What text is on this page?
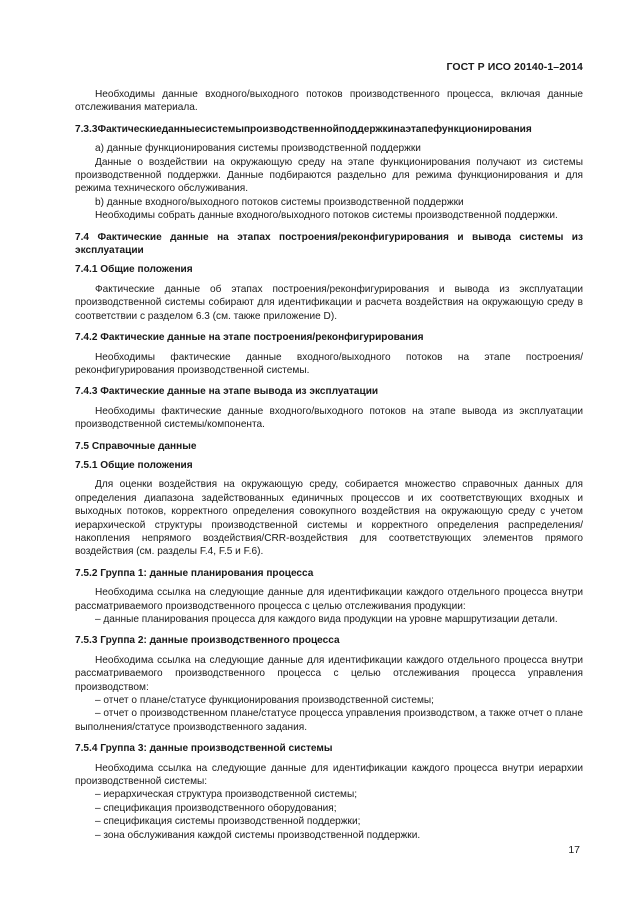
ГОСТ Р ИСО 20140-1–2014

Необходимы данные входного/выходного потоков производственного процесса, включая данные отслеживания материала.

7.3.3Фактическиеданныесистемыпроизводственнойподдержкинаэтапефункционирования

a) данные функционирования системы производственной поддержки

Данные о воздействии на окружающую среду на этапе функционирования получают из системы производственной поддержки. Данные подбираются раздельно для режима функционирования и для режима технического обслуживания.

b) данные входного/выходного потоков системы производственной поддержки

Необходимы собрать данные входного/выходного потоков системы производственной поддержки.

7.4 Фактические данные на этапах построения/реконфигурирования и вывода системы из эксплуатации

7.4.1 Общие положения

Фактические данные об этапах построения/реконфигурирования и вывода из эксплуатации производственной системы собирают для идентификации и расчета воздействия на окружающую среду в соответствии с разделом 6.3 (см. также приложение D).

7.4.2 Фактические данные на этапе построения/реконфигурирования

Необходимы фактические данные входного/выходного потоков на этапе построения/реконфигурирования производственной системы.

7.4.3 Фактические данные на этапе вывода из эксплуатации

Необходимы фактические данные входного/выходного потоков на этапе вывода из эксплуатации производственной системы/компонента.

7.5 Справочные данные

7.5.1 Общие положения

Для оценки воздействия на окружающую среду, собирается множество справочных данных для определения диапазона задействованных единичных процессов и их соответствующих входных и выходных потоков, корректного определения совокупного воздействия на окружающую среду с учетом иерархической структуры производственной системы и корректного определения распределения/накопления непрямого воздействия/CRR-воздействия для соответствующих элементов прямого воздействия (см. разделы F.4, F.5 и F.6).

7.5.2 Группа 1: данные планирования процесса

Необходима ссылка на следующие данные для идентификации каждого отдельного процесса внутри рассматриваемого производственного процесса с целью отслеживания продукции:

– данные планирования процесса для каждого вида продукции на уровне маршрутизации детали.

7.5.3 Группа 2: данные производственного процесса

Необходима ссылка на следующие данные для идентификации каждого отдельного процесса внутри рассматриваемого производственного процесса с целью отслеживания процесса управления производством:

– отчет о плане/статусе функционирования производственной системы;

– отчет о производственном плане/статусе процесса управления производством, а также отчет о плане выполнения/статусе производственного задания.

7.5.4 Группа 3: данные производственной системы

Необходима ссылка на следующие данные для идентификации каждого процесса внутри иерархии производственной системы:

– иерархическая структура производственной системы;

– спецификация производственного оборудования;

– спецификация системы производственной поддержки;

– зона обслуживания каждой системы производственной поддержки.

17
